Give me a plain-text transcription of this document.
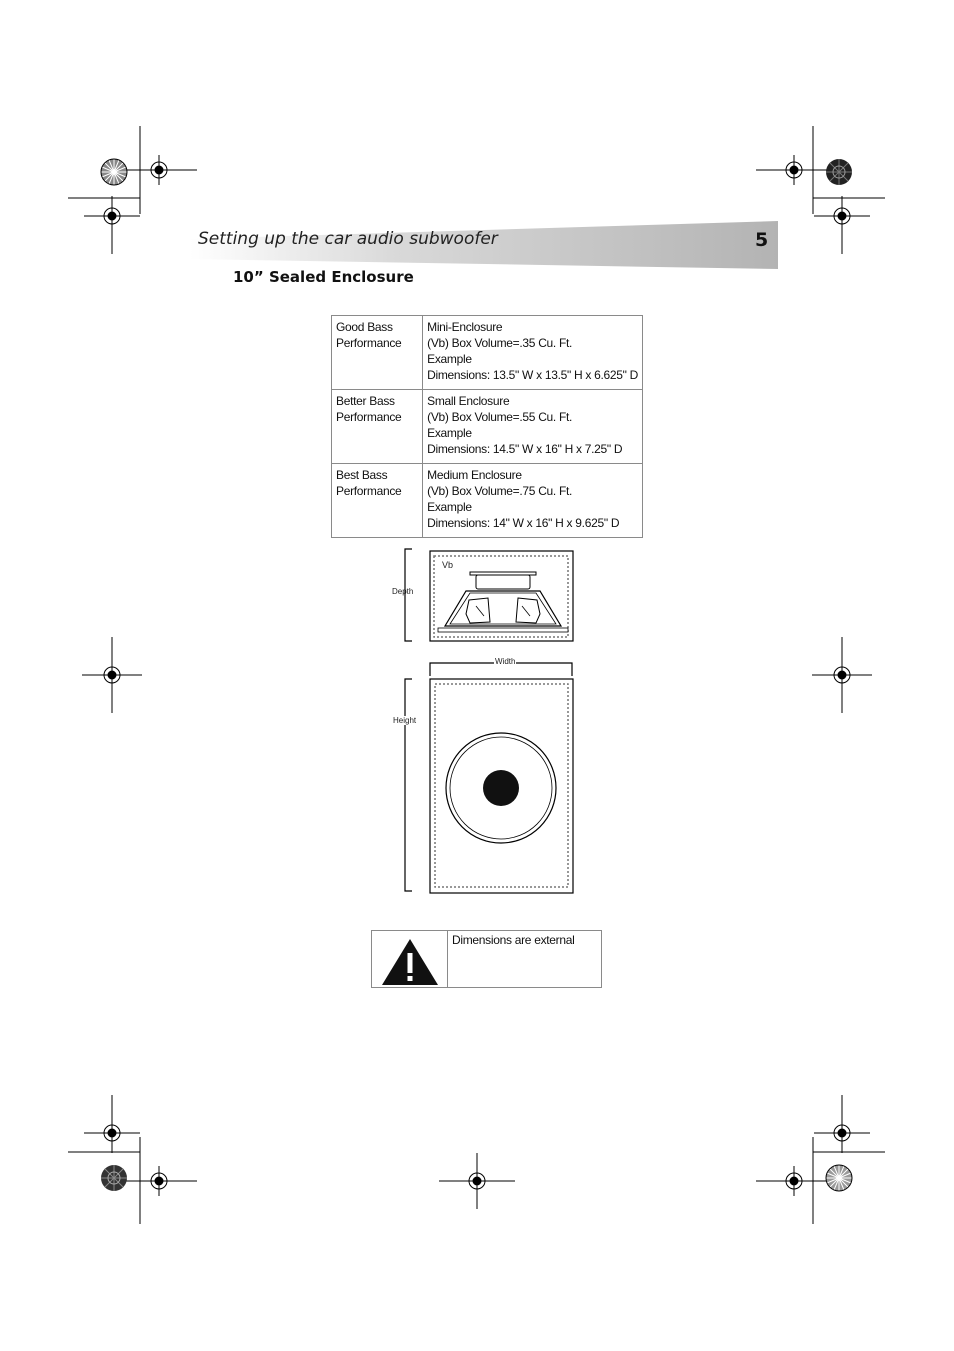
Setting up the car audio subwoofer	5
10” Sealed Enclosure
Good Bass
Performance	Mini-Enclosure
(Vb) Box Volume=.35 Cu. Ft.
Example
Dimensions: 13.5" W x 13.5" H x 6.625" D

Better Bass
Performance	Small Enclosure
(Vb) Box Volume=.55 Cu. Ft.
Example
Dimensions: 14.5" W x 16" H x 7.25" D

Best Bass
Performance	Medium Enclosure
(Vb) Box Volume=.75 Cu. Ft.
Example
Dimensions: 14" W x 16" H x 9.625" D
Vb
Depth
Width
Height
Dimensions are external
